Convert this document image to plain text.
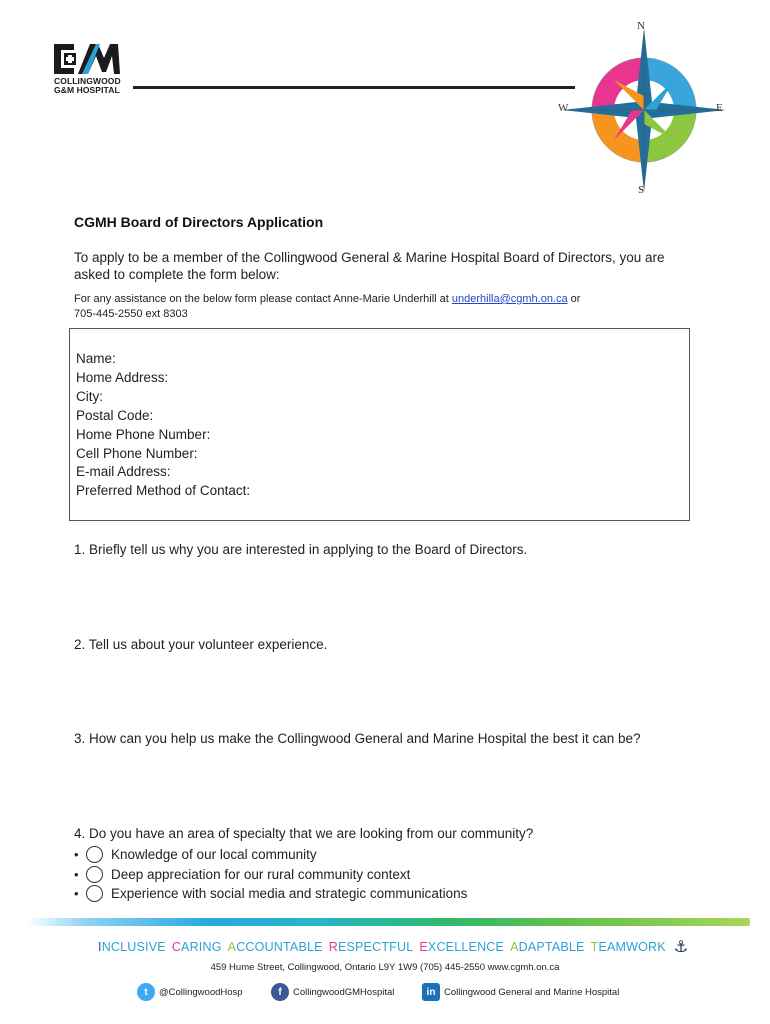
COLLINGWOOD
G&M HOSPITAL
N
S
E
W
CGMH Board of Directors Application
To apply to be a member of the Collingwood General & Marine Hospital Board of Directors, you are asked to complete the form below:
For any assistance on the below form please contact Anne-Marie Underhill at underhilla@cgmh.on.ca or
705-445-2550 ext 8303
Name:
Home Address:
City:
Postal Code:
Home Phone Number:
Cell Phone Number:
E-mail Address:
Preferred Method of Contact:
1. Briefly tell us why you are interested in applying to the Board of Directors.
2. Tell us about your volunteer experience.
3. How can you help us make the Collingwood General and Marine Hospital the best it can be?
4. Do you have an area of specialty that we are looking from our community?
•	Knowledge of our local community
•	Deep appreciation for our rural community context
•	Experience with social media and strategic communications
INCLUSIVE CARING ACCOUNTABLE RESPECTFUL EXCELLENCE ADAPTABLE TEAMWORK ⚓
459 Hume Street, Collingwood, Ontario L9Y 1W9 (705) 445-2550 www.cgmh.on.ca
t	@CollingwoodHosp	f	CollingwoodGMHospital	in Collingwood General and Marine Hospital
